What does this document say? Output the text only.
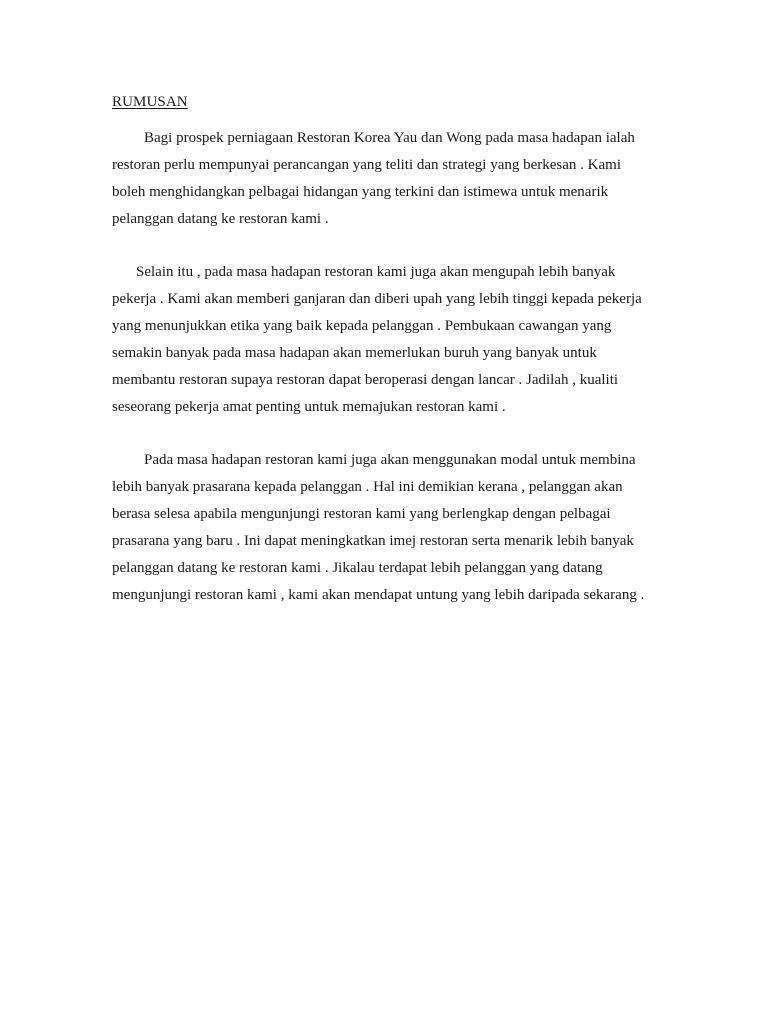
RUMUSAN
Bagi prospek perniagaan Restoran Korea Yau dan Wong pada masa hadapan ialah
restoran perlu mempunyai perancangan yang teliti dan strategi yang berkesan . Kami
boleh menghidangkan pelbagai hidangan yang terkini dan istimewa untuk menarik
pelanggan datang ke restoran kami .
Selain itu , pada masa hadapan restoran kami juga akan mengupah lebih banyak
pekerja . Kami akan memberi ganjaran dan diberi upah yang lebih tinggi kepada pekerja
yang menunjukkan etika yang baik kepada pelanggan . Pembukaan cawangan yang
semakin banyak pada masa hadapan akan memerlukan buruh yang banyak untuk
membantu restoran supaya restoran dapat beroperasi dengan lancar . Jadilah , kualiti
seseorang pekerja amat penting untuk memajukan restoran kami .
Pada masa hadapan restoran kami juga akan menggunakan modal untuk membina
lebih banyak prasarana kepada pelanggan . Hal ini demikian kerana , pelanggan akan
berasa selesa apabila mengunjungi restoran kami yang berlengkap dengan pelbagai
prasarana yang baru . Ini dapat meningkatkan imej restoran serta menarik lebih banyak
pelanggan datang ke restoran kami . Jikalau terdapat lebih pelanggan yang datang
mengunjungi restoran kami , kami akan mendapat untung yang lebih daripada sekarang .
